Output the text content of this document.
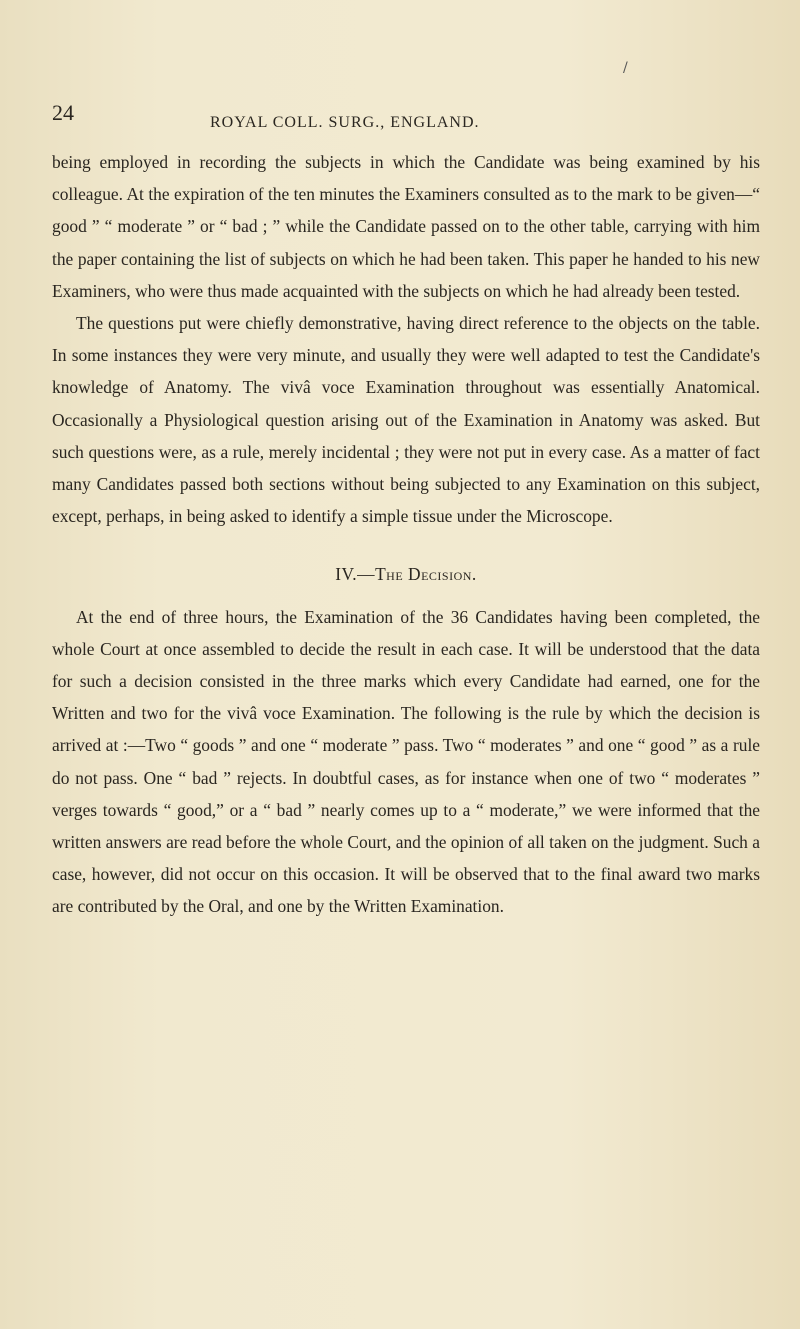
/
24	ROYAL COLL. SURG., ENGLAND.

being employed in recording the subjects in which the Candidate was being examined by his colleague. At the expiration of the ten minutes the Examiners consulted as to the mark to be given—“ good ” “ moderate ” or “ bad ; ” while the Candidate passed on to the other table, carrying with him the paper containing the list of subjects on which he had been taken. This paper he handed to his new Examiners, who were thus made acquainted with the subjects on which he had already been tested.

The questions put were chiefly demonstrative, having direct reference to the objects on the table. In some instances they were very minute, and usually they were well adapted to test the Candidate's knowledge of Anatomy. The vivâ voce Examination throughout was essentially Anatomical. Occasionally a Physiological question arising out of the Examination in Anatomy was asked. But such questions were, as a rule, merely incidental ; they were not put in every case. As a matter of fact many Candidates passed both sections without being subjected to any Examination on this subject, except, perhaps, in being asked to identify a simple tissue under the Microscope.

IV.—The Decision.

At the end of three hours, the Examination of the 36 Candidates having been completed, the whole Court at once assembled to decide the result in each case. It will be understood that the data for such a decision consisted in the three marks which every Candidate had earned, one for the Written and two for the vivâ voce Examination. The following is the rule by which the decision is arrived at :—Two “ goods ” and one “ moderate ” pass. Two “ moderates ” and one “ good ” as a rule do not pass. One “ bad ” rejects. In doubtful cases, as for instance when one of two “ moderates ” verges towards “ good,” or a “ bad ” nearly comes up to a “ moderate,” we were informed that the written answers are read before the whole Court, and the opinion of all taken on the judgment. Such a case, however, did not occur on this occasion. It will be observed that to the final award two marks are contributed by the Oral, and one by the Written Examination.
